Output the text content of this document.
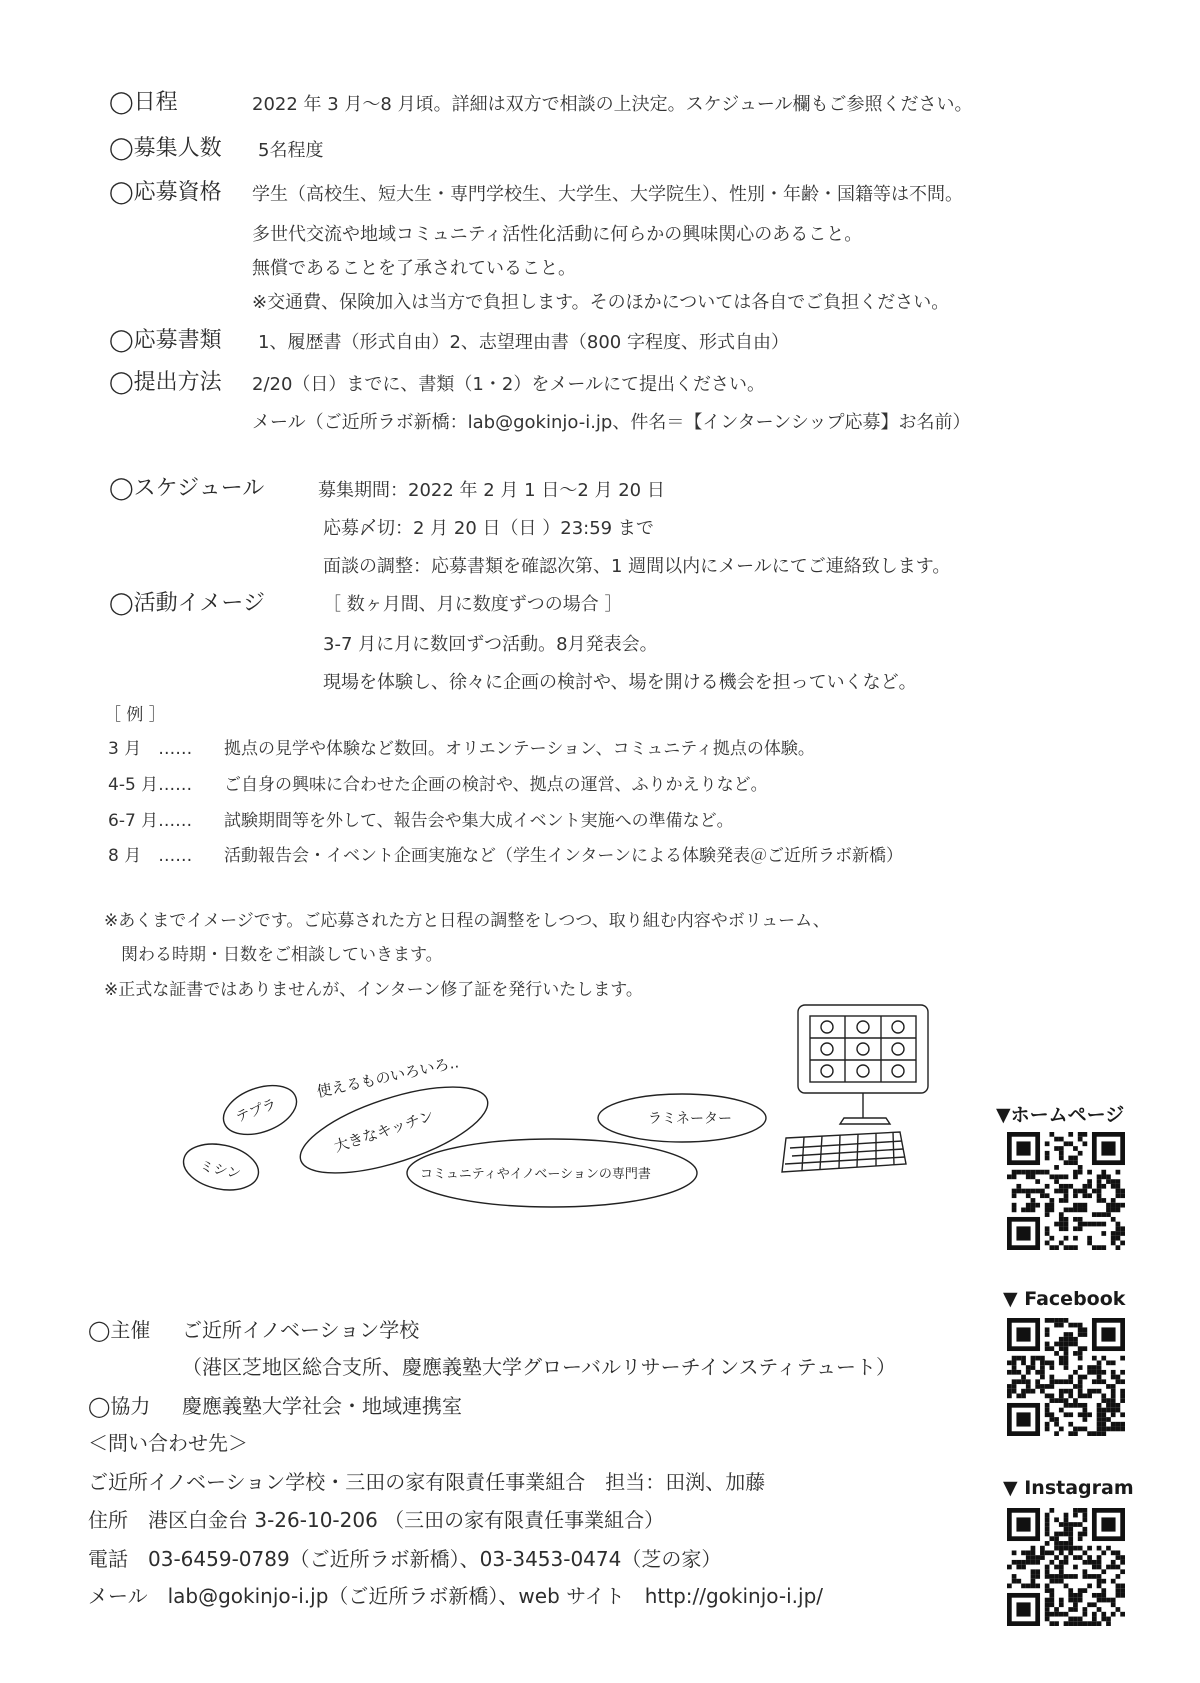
◯日程	2022 年 3 月〜8 月頃。詳細は双方で相談の上決定。スケジュール欄もご参照ください。
◯募集人数 5名程度
◯応募資格 学生（高校生、短大生・専門学校生、大学生、大学院生）、性別・年齢・国籍等は不問。
多世代交流や地域コミュニティ活性化活動に何らかの興味関心のあること。
無償であることを了承されていること。
※交通費、保険加入は当方で負担します。そのほかについては各自でご負担ください。
◯応募書類 1、履歴書（形式自由）2、志望理由書（800 字程度、形式自由）
◯提出方法 2/20（日）までに、書類（1・2）をメールにて提出ください。
メール（ご近所ラボ新橋：lab@gokinjo-i.jp、件名＝【インターンシップ応募】お名前）
◯スケジュール	募集期間：2022 年 2 月 1 日〜2 月 20 日
応募〆切：2 月 20 日（日 ）23:59 まで
面談の調整：応募書類を確認次第、1 週間以内にメールにてご連絡致します。
◯活動イメージ	［ 数ヶ月間、月に数度ずつの場合 ］
3-7 月に月に数回ずつ活動。8月発表会。
現場を体験し、徐々に企画の検討や、場を開ける機会を担っていくなど。
［ 例 ］
3 月　…… 拠点の見学や体験など数回。オリエンテーション、コミュニティ拠点の体験。
4-5 月…… ご自身の興味に合わせた企画の検討や、拠点の運営、ふりかえりなど。
6-7 月…… 試験期間等を外して、報告会や集大成イベント実施への準備など。
8 月　…… 活動報告会・イベント企画実施など（学生インターンによる体験発表＠ご近所ラボ新橋）
※あくまでイメージです。ご応募された方と日程の調整をしつつ、取り組む内容やボリューム、
　関わる時期・日数をご相談していきます。
※正式な証書ではありませんが、インターン修了証を発行いたします。
使えるものいろいろ..
テプラ
ミシン
大きなキッチン	ラミネーター
コミュニティやイノベーションの専門書
◯主催 ご近所イノベーション学校
（港区芝地区総合支所、慶應義塾大学グローバルリサーチインスティテュート）
◯協力 慶應義塾大学社会・地域連携室
＜問い合わせ先＞
ご近所イノベーション学校・三田の家有限責任事業組合　担当：田渕、加藤
住所　港区白金台 3-26-10-206 （三田の家有限責任事業組合）
電話　03-6459-0789（ご近所ラボ新橋）、03-3453-0474（芝の家）
メール　lab@gokinjo-i.jp（ご近所ラボ新橋）、web サイト　http://gokinjo-i.jp/
▼ホームページ
▼ Facebook
▼ Instagram
